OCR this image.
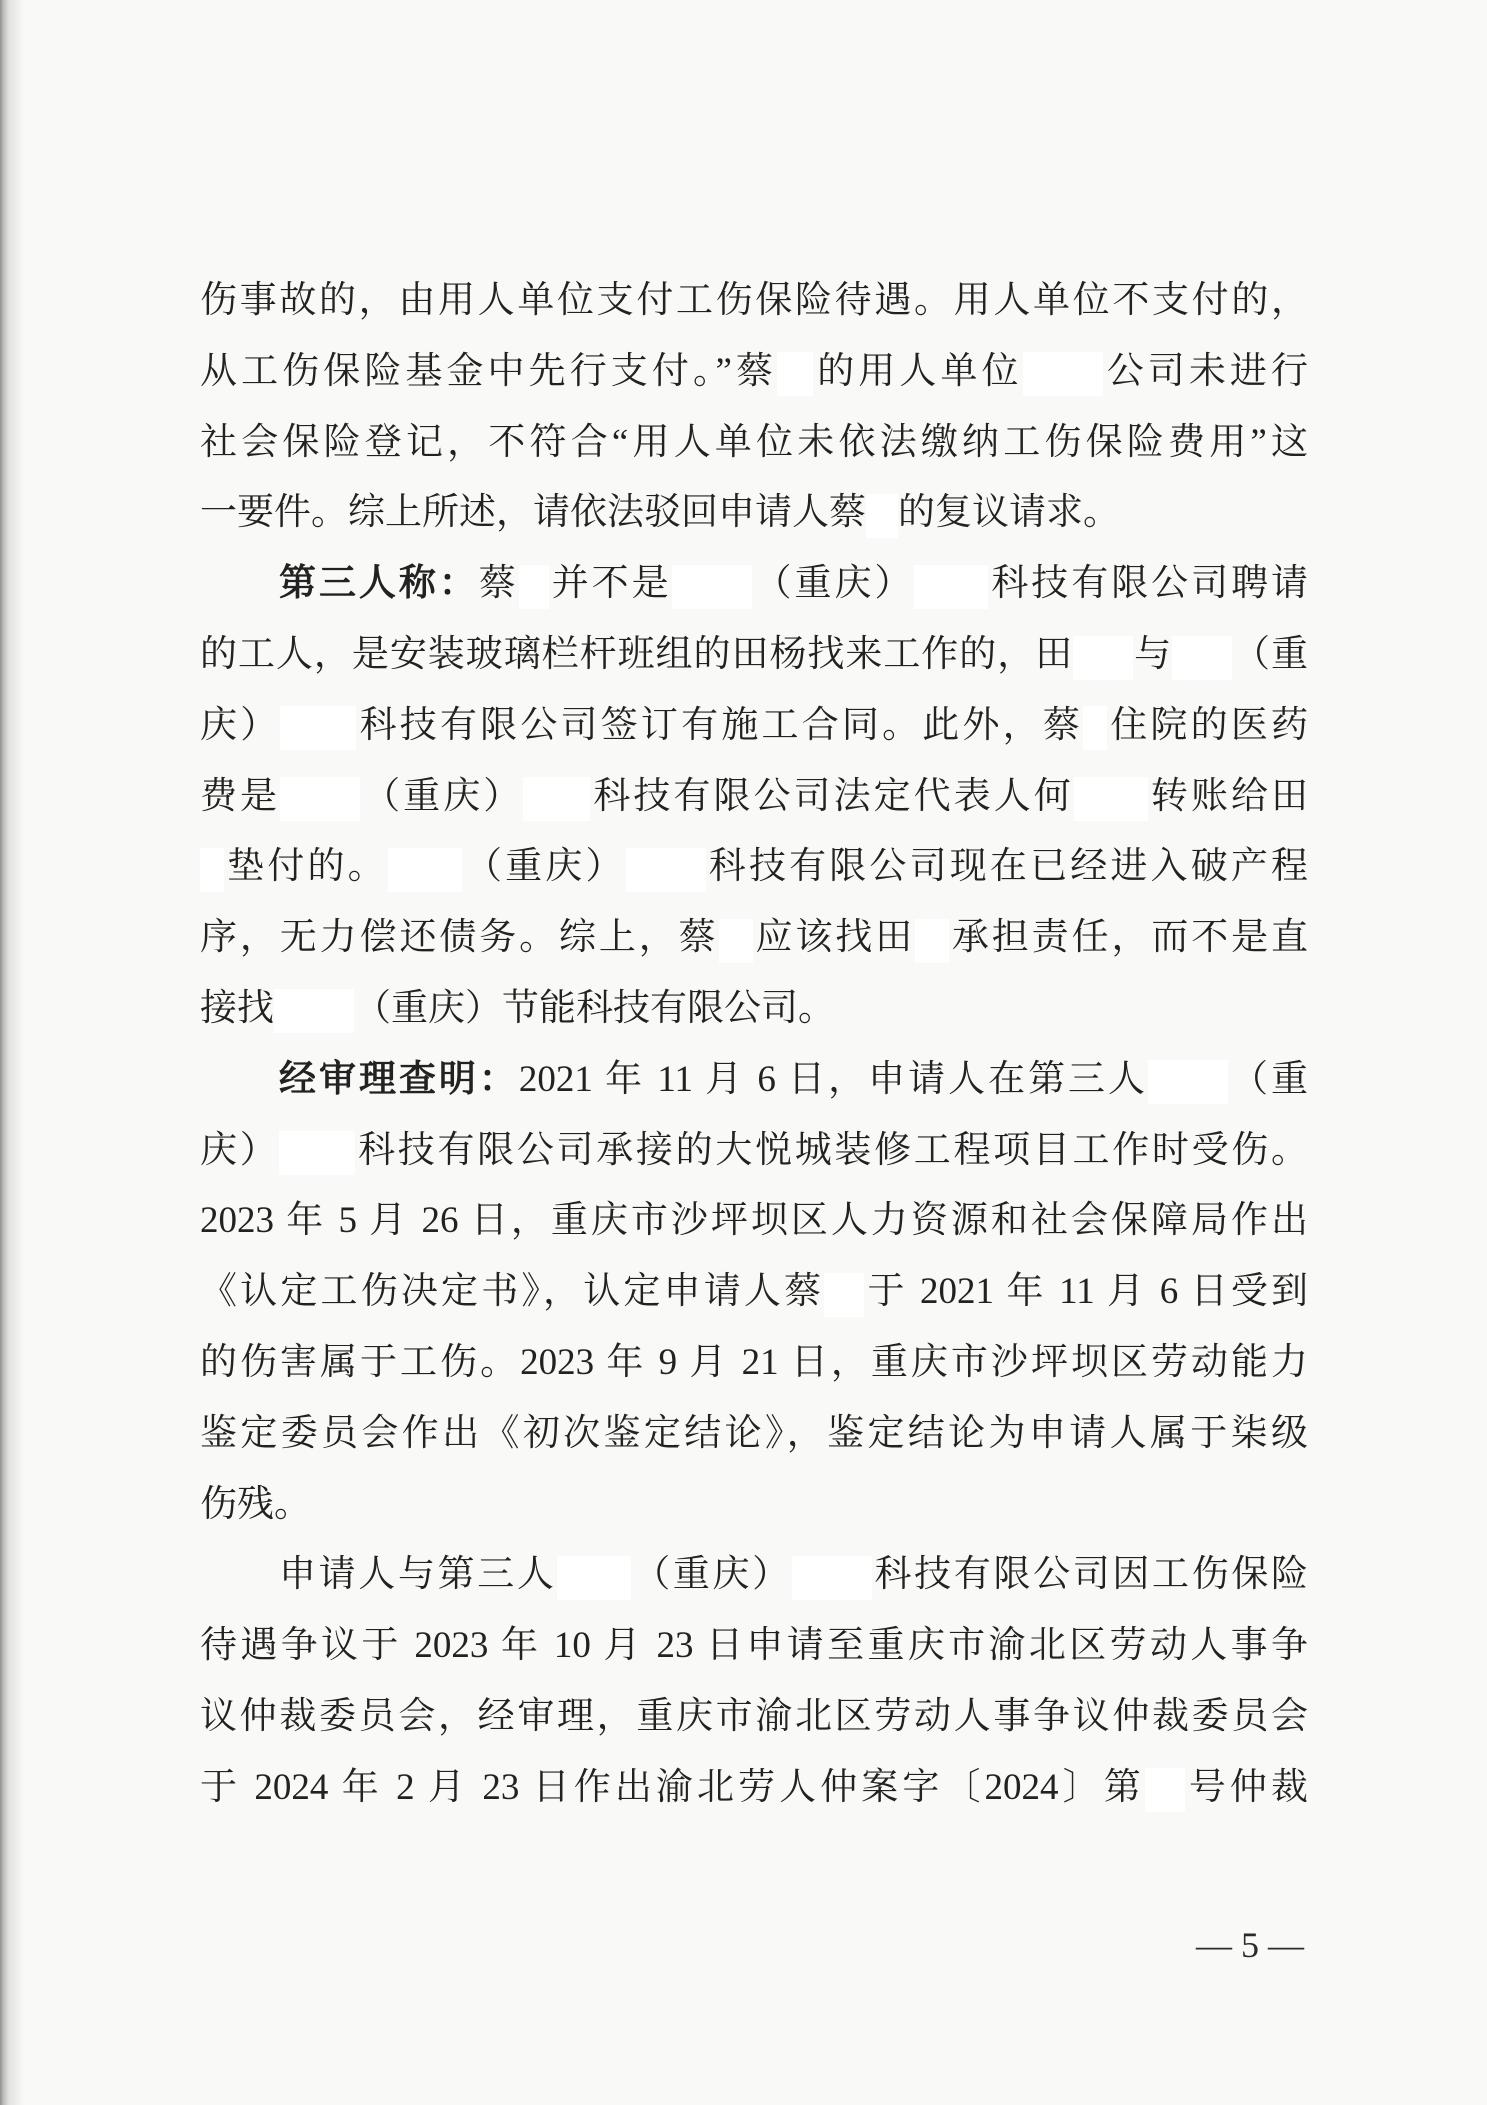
伤事故的，由用人单位支付工伤保险待遇。用人单位不支付的，
从工伤保险基金中先行支付。”蔡 的用人单位 公司未进行
社会保险登记，不符合“用人单位未依法缴纳工伤保险费用”这
一要件。综上所述，请依法驳回申请人蔡 的复议请求。
第三人称：蔡 并不是 （重庆） 科技有限公司聘请
的工人，是安装玻璃栏杆班组的田杨找来工作的，田 与 （重
庆） 科技有限公司签订有施工合同。此外，蔡 住院的医药
费是 （重庆） 科技有限公司法定代表人何 转账给田
垫付的。 （重庆） 科技有限公司现在已经进入破产程
序，无力偿还债务。综上，蔡 应该找田 承担责任，而不是直
接找 （重庆）节能科技有限公司。
经审理查明：2021 年 11 月 6 日，申请人在第三人 （重
庆） 科技有限公司承接的大悦城装修工程项目工作时受伤。
2023 年 5 月 26 日，重庆市沙坪坝区人力资源和社会保障局作出
《认定工伤决定书》，认定申请人蔡 于 2021 年 11 月 6 日受到
的伤害属于工伤。2023 年 9 月 21 日，重庆市沙坪坝区劳动能力
鉴定委员会作出《初次鉴定结论》，鉴定结论为申请人属于柒级
伤残。
申请人与第三人 （重庆） 科技有限公司因工伤保险
待遇争议于 2023 年 10 月 23 日申请至重庆市渝北区劳动人事争
议仲裁委员会，经审理，重庆市渝北区劳动人事争议仲裁委员会
于 2024 年 2 月 23 日作出渝北劳人仲案字〔2024〕第 号仲裁
— 5 —
